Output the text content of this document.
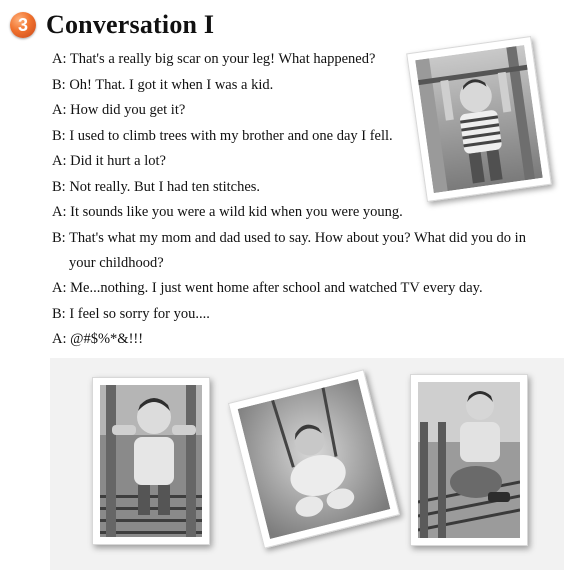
3 Conversation I
A: That's a really big scar on your leg! What happened?
B: Oh! That. I got it when I was a kid.
A: How did you get it?
B: I used to climb trees with my brother and one day I fell.
A: Did it hurt a lot?
B: Not really. But I had ten stitches.
A: It sounds like you were a wild kid when you were young.
B: That's what my mom and dad used to say. How about you? What did you do in
your childhood?
A: Me...nothing. I just went home after school and watched TV every day.
B: I feel so sorry for you....
A: @#$%*&!!!
